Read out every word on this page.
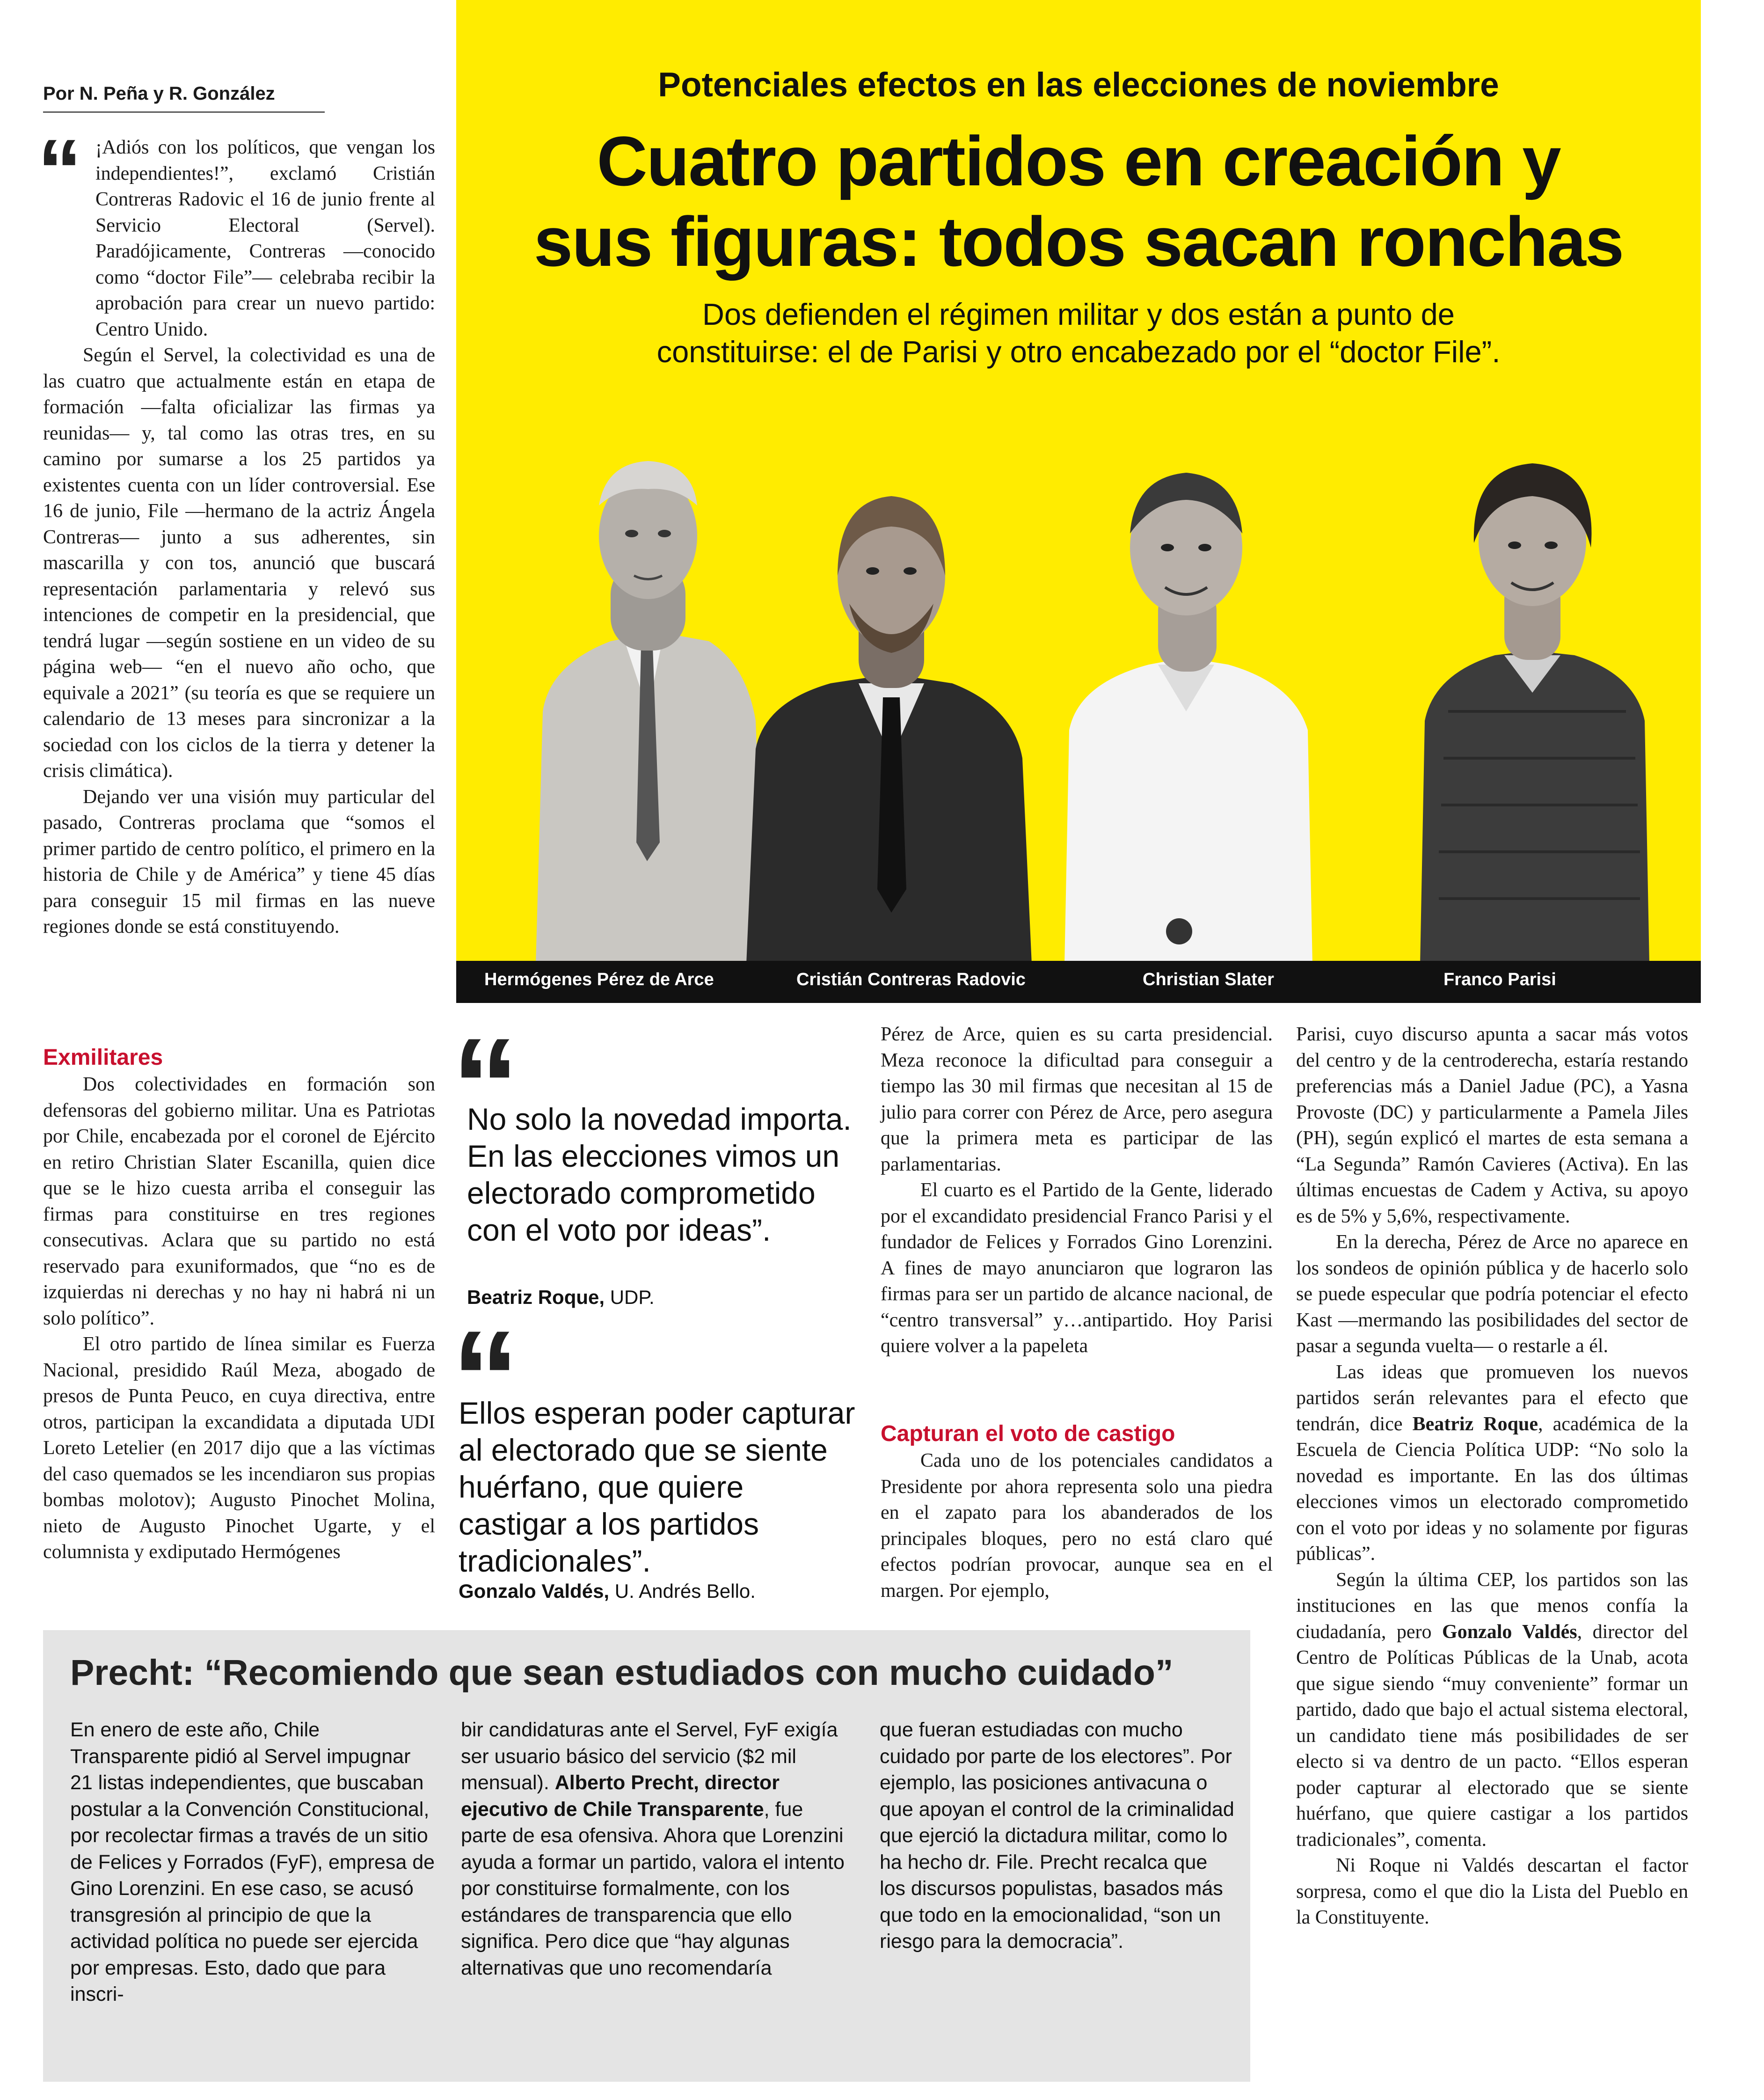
Por N. Peña y R. González
“ ¡Adiós con los políticos, que vengan los independientes!”, exclamó Cristián Contreras Radovic el 16 de junio frente al Servicio Electoral (Servel). Paradójicamente, Contreras —conocido como “doctor File”— celebraba recibir la aprobación para crear un nuevo partido: Centro Unido.

Según el Servel, la colectividad es una de las cuatro que actualmente están en etapa de formación —falta oficializar las firmas ya reunidas— y, tal como las otras tres, en su camino por sumarse a los 25 partidos ya existentes cuenta con un líder controversial. Ese 16 de junio, File —hermano de la actriz Ángela Contreras— junto a sus adherentes, sin mascarilla y con tos, anunció que buscará representación parlamentaria y relevó sus intenciones de competir en la presidencial, que tendrá lugar —según sostiene en un video de su página web— “en el nuevo año ocho, que equivale a 2021” (su teoría es que se requiere un calendario de 13 meses para sincronizar a la sociedad con los ciclos de la tierra y detener la crisis climática).

Dejando ver una visión muy particular del pasado, Contreras proclama que “somos el primer partido de centro político, el primero en la historia de Chile y de América” y tiene 45 días para conseguir 15 mil firmas en las nueve regiones donde se está constituyendo.

Exmilitares

Dos colectividades en formación son defensoras del gobierno militar. Una es Patriotas por Chile, encabezada por el coronel de Ejército en retiro Christian Slater Escanilla, quien dice que se le hizo cuesta arriba el conseguir las firmas para constituirse en tres regiones consecutivas. Aclara que su partido no está reservado para exuniformados, que “no es de izquierdas ni derechas y no hay ni habrá ni un solo político”.

El otro partido de línea similar es Fuerza Nacional, presidido Raúl Meza, abogado de presos de Punta Peuco, en cuya directiva, entre otros, participan la excandidata a diputada UDI Loreto Letelier (en 2017 dijo que a las víctimas del caso quemados se les incendiaron sus propias bombas molotov); Augusto Pinochet Molina, nieto de Augusto Pinochet Ugarte, y el columnista y exdiputado Hermógenes

Potenciales efectos en las elecciones de noviembre
Cuatro partidos en creación y
sus figuras: todos sacan ronchas
Dos defienden el régimen militar y dos están a punto de
constituirse: el de Parisi y otro encabezado por el “doctor File”.
Hermógenes Pérez de Arce	Cristián Contreras Radovic	Christian Slater	Franco Parisi
“
No solo la novedad importa. En las elecciones vimos un electorado comprometido con el voto por ideas”.
Beatriz Roque, UDP.
“
Ellos esperan poder capturar al electorado que se siente huérfano, que quiere castigar a los partidos tradicionales”.
Gonzalo Valdés, U. Andrés Bello.

Pérez de Arce, quien es su carta presidencial. Meza reconoce la dificultad para conseguir a tiempo las 30 mil firmas que necesitan al 15 de julio para correr con Pérez de Arce, pero asegura que la primera meta es participar de las parlamentarias.

El cuarto es el Partido de la Gente, liderado por el excandidato presidencial Franco Parisi y el fundador de Felices y Forrados Gino Lorenzini. A fines de mayo anunciaron que lograron las firmas para ser un partido de alcance nacional, de “centro transversal” y…antipartido. Hoy Parisi quiere volver a la papeleta

Capturan el voto de castigo

Cada uno de los potenciales candidatos a Presidente por ahora representa solo una piedra en el zapato para los abanderados de los principales bloques, pero no está claro qué efectos podrían provocar, aunque sea en el margen. Por ejemplo,

Parisi, cuyo discurso apunta a sacar más votos del centro y de la centroderecha, estaría restando preferencias más a Daniel Jadue (PC), a Yasna Provoste (DC) y particularmente a Pamela Jiles (PH), según explicó el martes de esta semana a “La Segunda” Ramón Cavieres (Activa). En las últimas encuestas de Cadem y Activa, su apoyo es de 5% y 5,6%, respectivamente.

En la derecha, Pérez de Arce no aparece en los sondeos de opinión pública y de hacerlo solo se puede especular que podría potenciar el efecto Kast —mermando las posibilidades del sector de pasar a segunda vuelta— o restarle a él.

Las ideas que promueven los nuevos partidos serán relevantes para el efecto que tendrán, dice Beatriz Roque, académica de la Escuela de Ciencia Política UDP: “No solo la novedad es importante. En las dos últimas elecciones vimos un electorado comprometido con el voto por ideas y no solamente por figuras públicas”.

Según la última CEP, los partidos son las instituciones en las que menos confía la ciudadanía, pero Gonzalo Valdés, director del Centro de Políticas Públicas de la Unab, acota que sigue siendo “muy conveniente” formar un partido, dado que bajo el actual sistema electoral, un candidato tiene más posibilidades de ser electo si va dentro de un pacto. “Ellos esperan poder capturar al electorado que se siente huérfano, que quiere castigar a los partidos tradicionales”, comenta.

Ni Roque ni Valdés descartan el factor sorpresa, como el que dio la Lista del Pueblo en la Constituyente.

Precht: “Recomiendo que sean estudiados con mucho cuidado”
En enero de este año, Chile Transparente pidió al Servel impugnar 21 listas independientes, que buscaban postular a la Convención Constitucional, por recolectar firmas a través de un sitio de Felices y Forrados (FyF), empresa de Gino Lorenzini. En ese caso, se acusó transgresión al principio de que la actividad política no puede ser ejercida por empresas. Esto, dado que para inscri-
bir candidaturas ante el Servel, FyF exigía ser usuario básico del servicio ($2 mil mensual). Alberto Precht, director ejecutivo de Chile Transparente, fue parte de esa ofensiva. Ahora que Lorenzini ayuda a formar un partido, valora el intento por constituirse formalmente, con los estándares de transparencia que ello significa. Pero dice que “hay algunas alternativas que uno recomendaría
que fueran estudiadas con mucho cuidado por parte de los electores”. Por ejemplo, las posiciones antivacuna o que apoyan el control de la criminalidad que ejerció la dictadura militar, como lo ha hecho dr. File. Precht recalca que los discursos populistas, basados más que todo en la emocionalidad, “son un riesgo para la democracia”.
